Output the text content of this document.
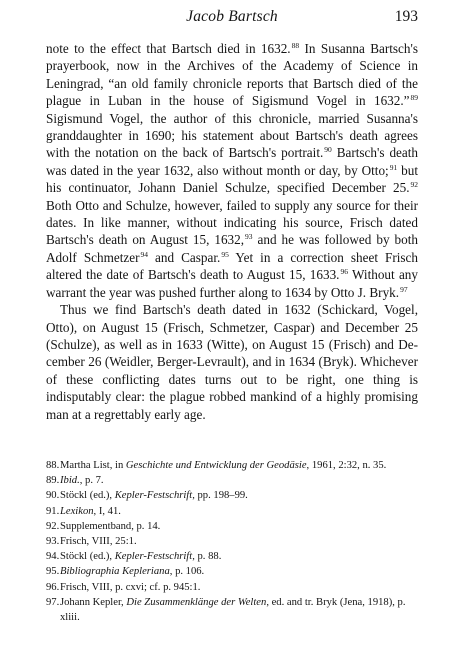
Jacob Bartsch	193

note to the effect that Bartsch died in 1632.88 In Susanna Bartsch's prayerbook, now in the Archives of the Academy of Science in Leningrad, “an old family chronicle reports that Bartsch died of the plague in Luban in the house of Sigismund Vogel in 1632.”$^{89}$ Sigismund Vogel, the author of this chronicle, married Susanna's granddaughter in 1690; his statement about Bartsch's death agrees with the notation on the back of Bartsch's portrait.$^{90}$ Bartsch's death was dated in the year 1632, also without month or day, by Otto;$^{91}$ but his continuator, Johann Daniel Schulze, specified December 25.92 Both Otto and Schulze, however, failed to supply any source for their dates. In like manner, without indicating his source, Frisch dated Bartsch's death on August 15, 1632,93 and he was followed by both Adolf Schmetzer$^{94}$ and Caspar.$^{95}$ Yet in a correction sheet Frisch altered the date of Bartsch's death to August 15, 1633.96 Without any warrant the year was pushed further along to 1634 by Otto J. Bryk.$^{97}$

Thus we find Bartsch's death dated in 1632 (Schickard, Vogel, Otto), on August 15 (Frisch, Schmetzer, Caspar) and December 25 (Schulze), as well as in 1633 (Witte), on August 15 (Frisch) and December 26 (Weidler, Berger-Levrault), and in 1634 (Bryk). Whichever of these conflicting dates turns out to be right, one thing is indisputably clear: the plague robbed mankind of a highly promising man at a regrettably early age.

88.Martha List, in Geschichte und Entwicklung der Geodäsie, 1961, 2:32, n. 35.

89.Ibid., p. 7.

90.Stöckl (ed.), Kepler-Festschrift, pp. 198–99.

91.Lexikon, I, 41.

92.Supplementband, p. 14.

93.Frisch, VIII, 25:1.

94.Stöckl (ed.), Kepler-Festschrift, p. 88.

95.Bibliographia Kepleriana, p. 106.

96.Frisch, VIII, p. cxvi; cf. p. 945:1.

97.Johann Kepler, Die Zusammenklänge der Welten, ed. and tr. Bryk (Jena, 1918), p. xliii.
